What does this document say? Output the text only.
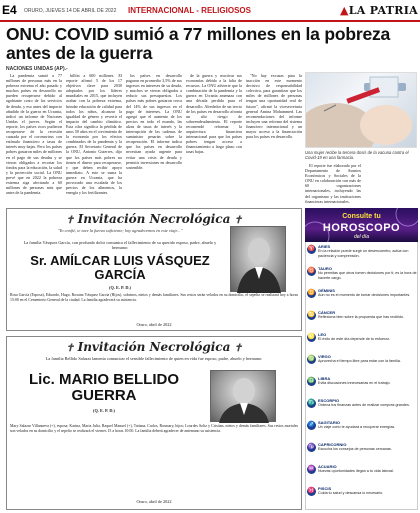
E4 ORURO, JUEVES 14 DE ABRIL DE 2022 INTERNACIONAL - RELIGIOSOS	▲LA PATRIA
ONU: COVID sumió a 77 millones en la pobreza antes de la guerra
NACIONES UNIDAS (AP).-

La pandemia sumió a 77 millones de personas más en la pobreza extrema el año pasado y muchos países en desarrollo no pueden recuperarse debido al agobiante costo de los servicios de deuda, y eso antes del impacto añadido de la guerra en Ucrania, indicó un informe de Naciones Unidas el jueves. Según el reporte, los países ricos pudieron recuperarse de la recesión causada por el coronavirus con estímulo financiero a tasas de interés muy bajas. Pero los países pobres gastaron miles de millones en el pago de sus deudas y se vieron obligados a recortar los fondos para la educación, la salud y la protección social. La ONU prevé que en 2022 la pobreza extrema siga afectando a 60 millones de personas más que antes de la pandemia.

billón a 600 millones. El reporte afirmó 5 de los 17 objetivos clave para 2030 adoptados por los líderes mundiales en 2015, que incluyen acabar con la pobreza extrema, brindar educación de calidad para todos los niños, alcanzar la igualdad de género y revertir el impacto del cambio climático. Esta cifra significa la pérdida de unos 50 años en el crecimiento de la economía por los efectos combinados de la pandemia y la guerra. El Secretario General de la ONU, Antonio Guterres, dijo que los países más pobres no tienen el dinero para recuperarse, y que deben recibir apoyo inmediato. A esto se suma la guerra en Ucrania, que ha provocado una escalada de los precios de los alimentos, la energía y los fertilizantes.

los países en desarrollo pagaron en promedio 3,5% de sus ingresos en intereses de su deuda, y muchos se vieron obligados a reducir sus presupuestos. Los países más pobres gastaron cerca del 14% de sus ingresos en el pago de intereses. La ONU agregó que el aumento de los precios en todo el mundo, las alzas de tasas de interés y la interrupción de las cadenas de suministro pesarán sobre la recuperación. El informe indica que los países en desarrollo necesitan ayuda urgente para evitar una crisis de deuda y permitir inversiones en desarrollo sostenible.

de la guerra y reactivar sus economías debido a la falta de recursos. La ONU advierte que la combinación de la pandemia y la guerra en Ucrania amenaza con una década perdida para el desarrollo. Alrededor de un tercio de los países en desarrollo afronta un alto riesgo de sobreendeudamiento. El reporte recomendó reformar la arquitectura financiera internacional para que los países pobres tengan acceso a financiamiento a largo plazo con tasas bajas.

"No hay excusas para la inacción en este momento decisivo de responsabilidad colectiva, para garantizar que los miles de millones de personas tengan una oportunidad real de futuro", afirmó la vicesecretaria general Amina Mohammed. Las recomendaciones del informe incluyen una reforma del sistema financiero internacional y un mayor acceso a la financiación para los países en desarrollo.

Una mujer recibe la tercera dosis de la vacuna contra el Covid-19 en una farmacia.

El reporte fue elaborado por el Departamento de Asuntos Económicos y Sociales de la ONU en colaboración con más de 60 organizaciones internacionales, incluyendo las del organismo y las instituciones financieras internacionales.

Consulte tu
HOROSCOPO
del día
♈ ARIES
En la relación puede surgir un desencuentro, actúa con paciencia y comprensión.
♉ TAURO
No permitas que otros tomen decisiones por ti; es la hora de hacerte cargo.
♊ GÉMINIS
Aún no es el momento de tomar decisiones importantes.
♋ CÁNCER
Reflexiona bien sobre la propuesta que has recibido.
♌ LEO
El éxito de este día depende de tu esfuerzo.
♍ VIRGO
Aprovecha el tiempo libre para estar con la familia.
♎ LIBRA
Evita discusiones innecesarias en el trabajo.
♏ ESCORPIO
Ordena tus finanzas antes de realizar compras grandes.
♐ SAGITARIO
Un viaje corto te ayudará a recuperar energías.
♑ CAPRICORNIO
Escucha los consejos de personas cercanas.
♒ ACUARIO
Nuevas oportunidades llegan a tu vida laboral.
♓ PISCIS
Cuida tu salud y descansa lo necesario.
✝ Invitación Necrológica ✝
"Yo confié, te tuve la fuerza suficiente; hoy agradecemos en este viaje..."
La familia Vásquez García, con profundo dolor comunica el fallecimiento de su querido esposo, padre, abuelo y hermano:
Sr. AMÍLCAR LUIS VÁSQUEZ GARCÍA
(Q. E. P. D.)
Rosa García (Esposa), Eduardo, Hugo, Roxana Vásquez García (Hijos), sobrinos, nietos y demás familiares. Sus restos serán velados en su domicilio, el sepelio se realizará hoy a horas 15:00 en el Cementerio General de la ciudad. La familia agradecerá su asistencia.
Oruro, abril de 2022
✝ Invitación Necrológica ✝
La familia Bellido Salazar lamenta comunicar el sensible fallecimiento de quien en vida fue esposo, padre, abuelo y hermano:
Lic. MARIO BELLIDO GUERRA
(Q. E. P. D.)
Mary Salazar Villanueva (+), esposa; Karina, Maria Julia, Raquel Manuel (+), Tatiana, Carlos, Rosmary, hijos; Lourdes Soliz y Cristian, nietos y demás familiares. Sus restos mortales son velados en su domicilio y el sepelio se realizará el viernes 15 a horas 10:00. La familia deberá agradecer de antemano su asistencia.
Oruro, abril de 2022
